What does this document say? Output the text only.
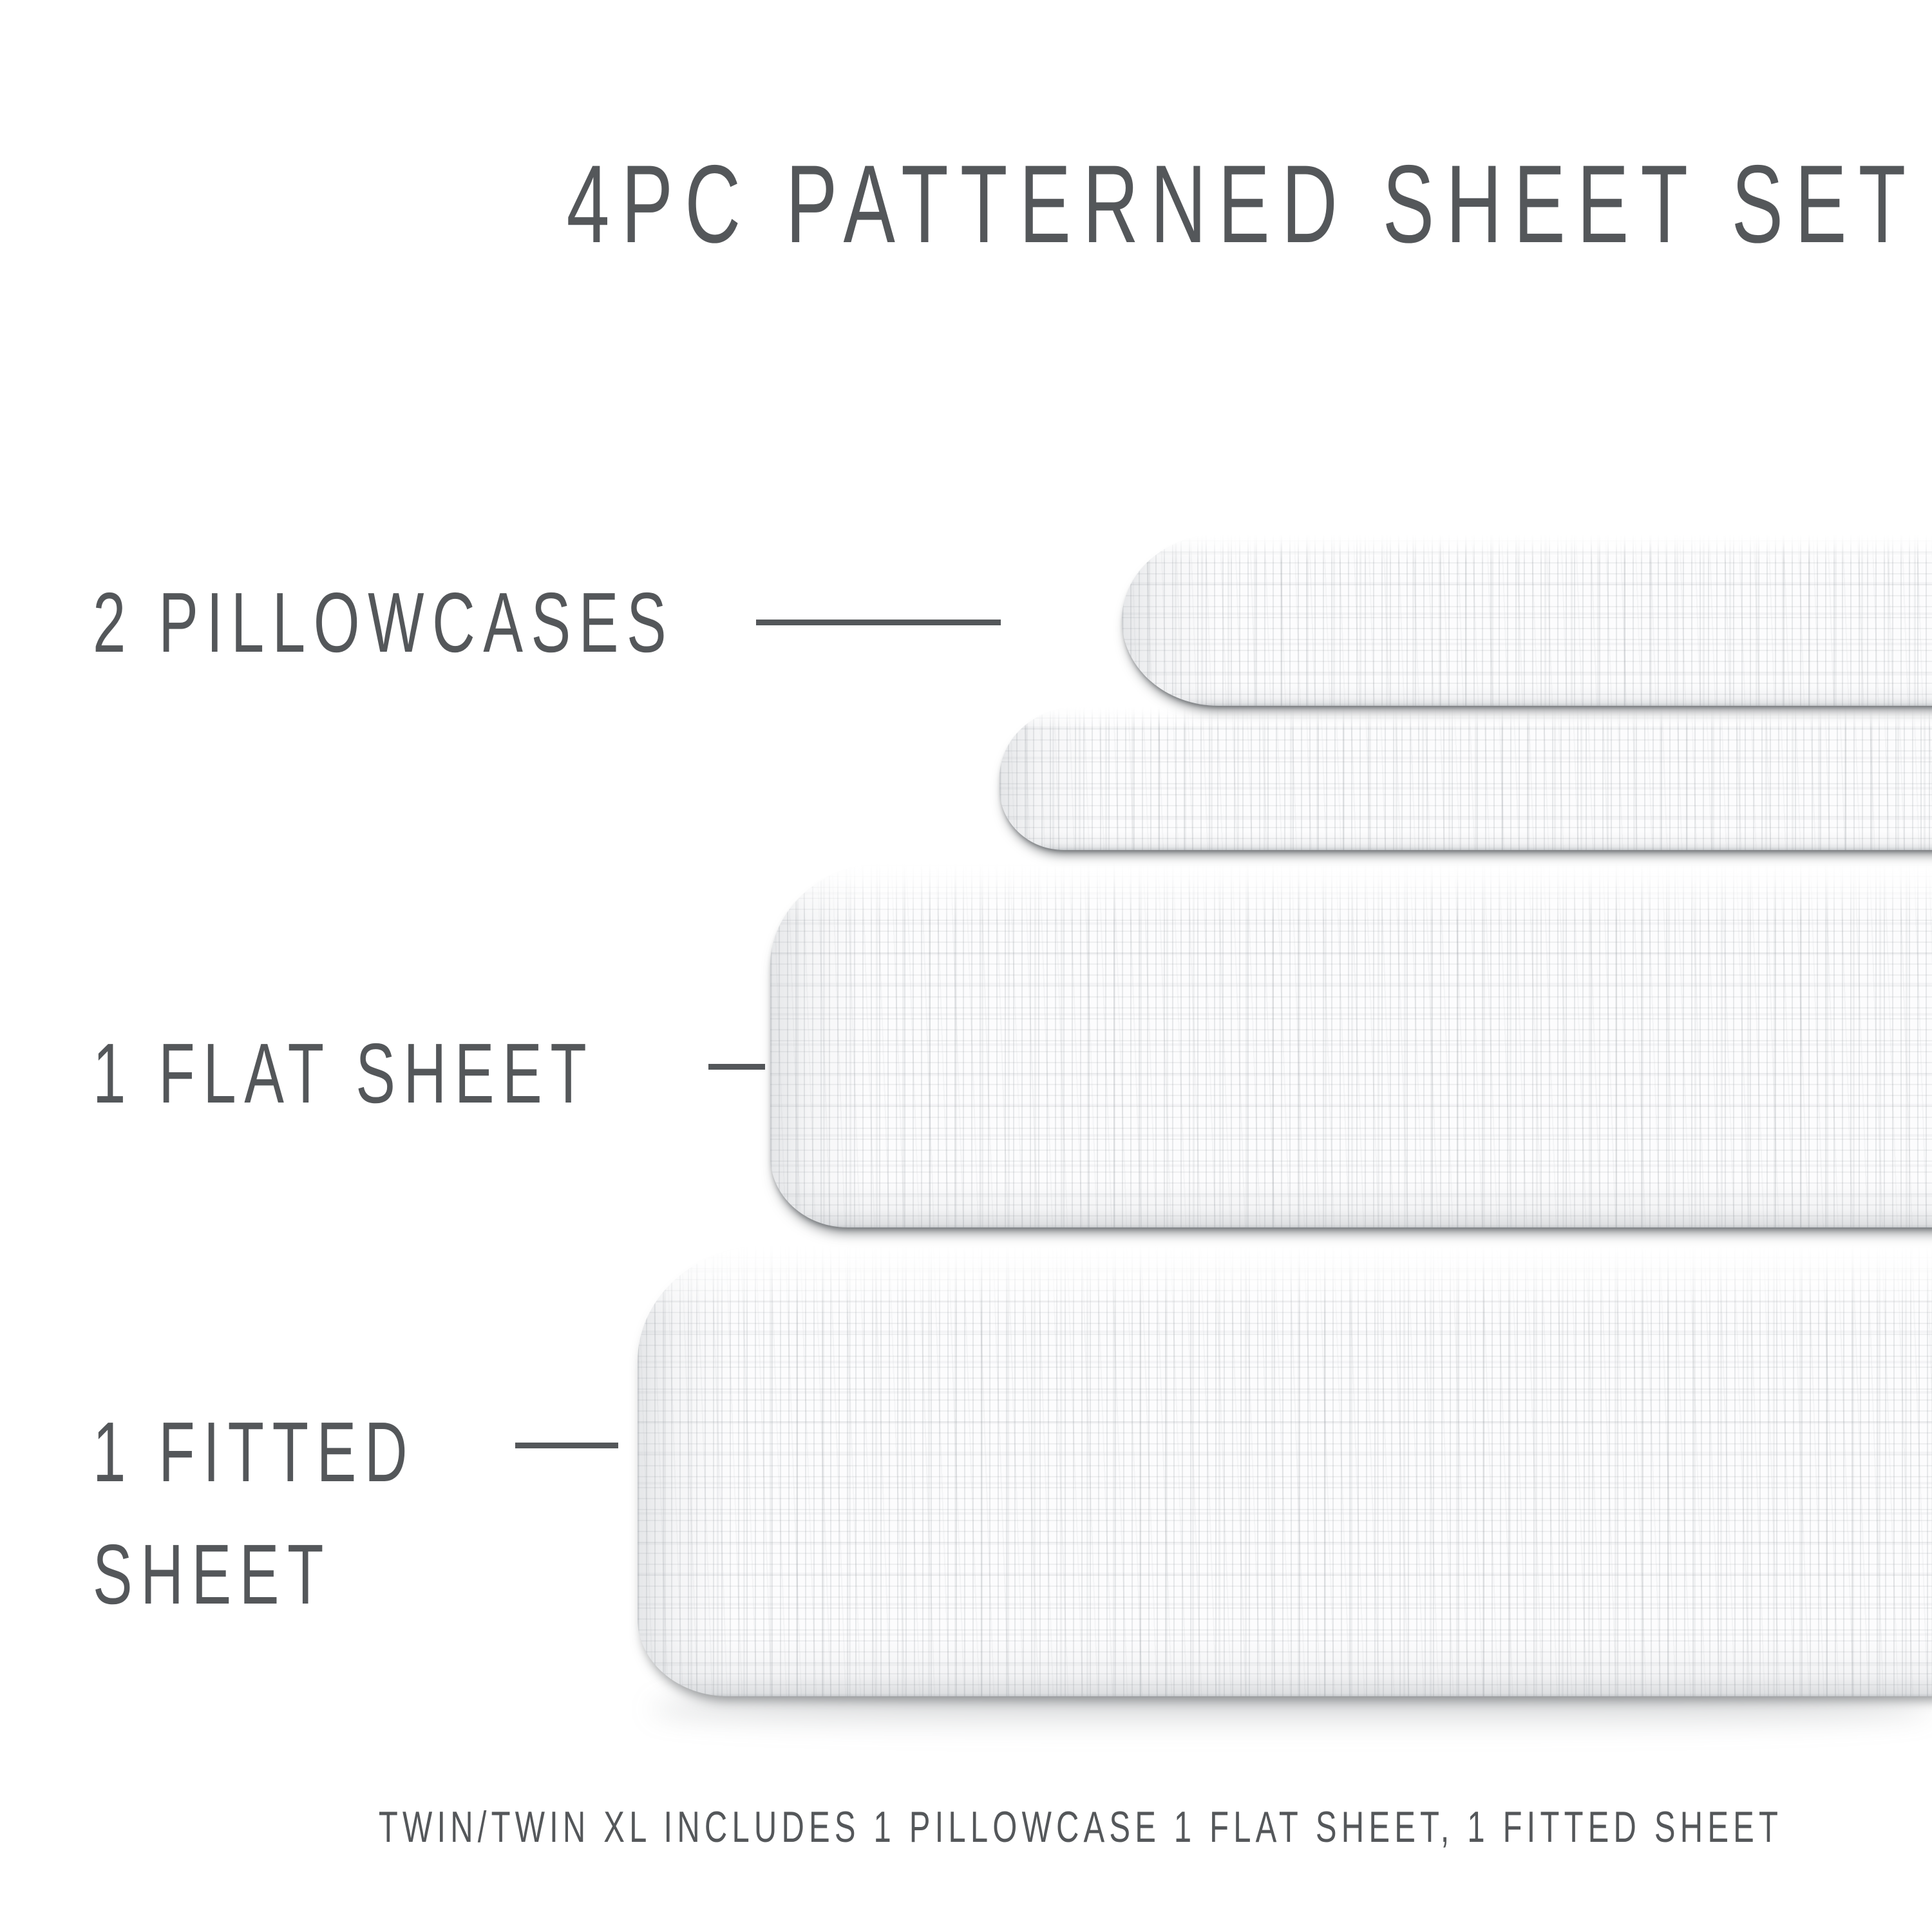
4PC PATTERNED SHEET SET
2 PILLOWCASES
1 FLAT SHEET
1 FITTED
SHEET
TWIN/TWIN XL INCLUDES 1 PILLOWCASE 1 FLAT SHEET, 1 FITTED SHEET
